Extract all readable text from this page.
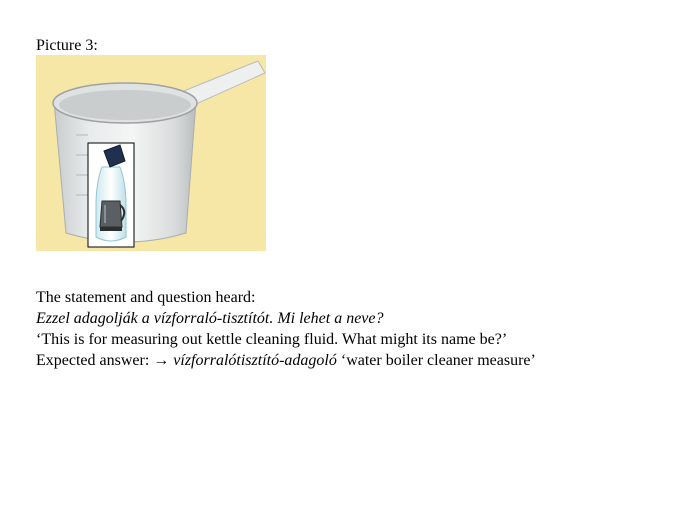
Picture 3:
The statement and question heard:
Ezzel adagolják a vízforraló-tisztítót. Mi lehet a neve?
‘This is for measuring out kettle cleaning fluid. What might its name be?’
Expected answer: → vízforralótisztító-adagoló ‘water boiler cleaner measure’
